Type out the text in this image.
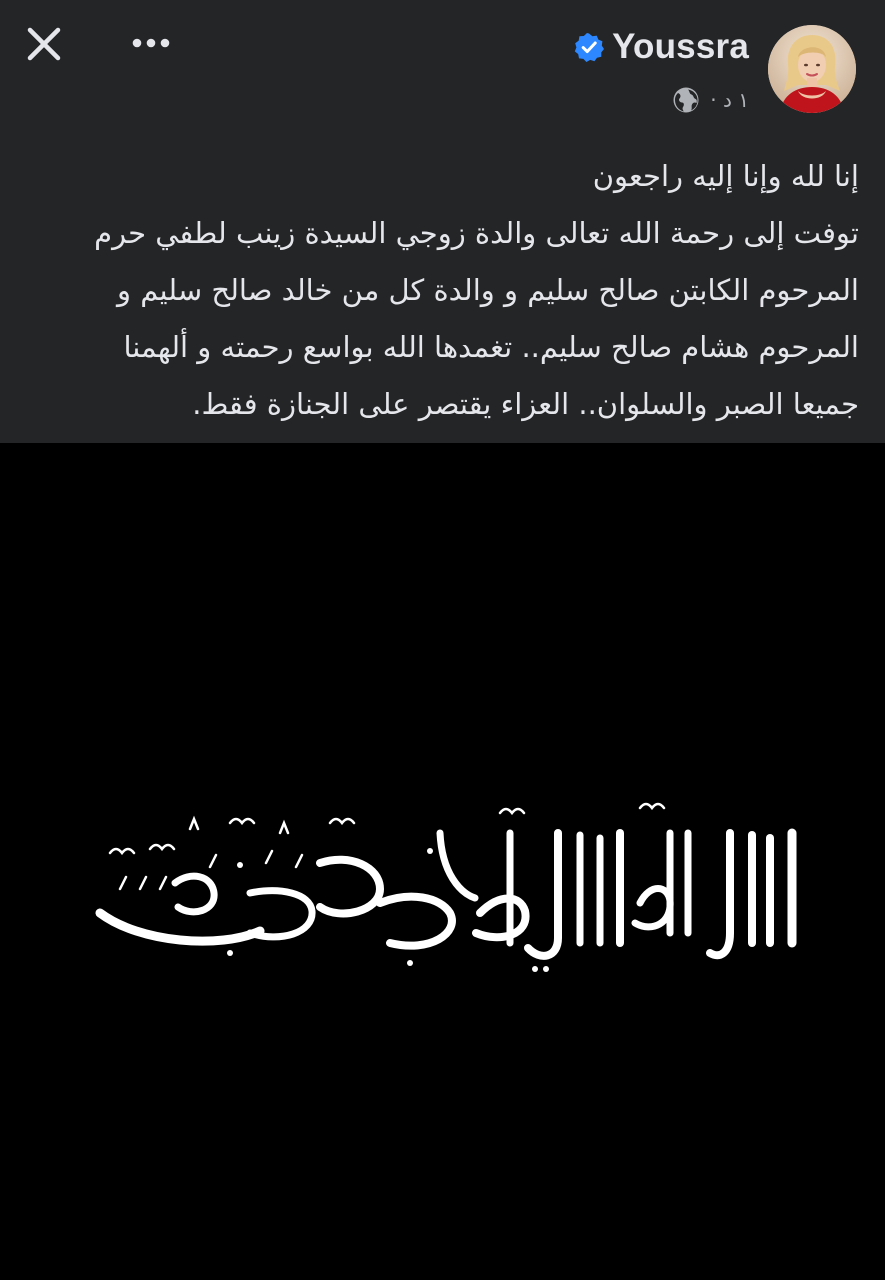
Youssra
١ د ·
إنا لله وإنا إليه راجعون
توفت إلى رحمة الله تعالى والدة زوجي السيدة زينب لطفي حرم المرحوم الكابتن صالح سليم و والدة كل من خالد صالح سليم و المرحوم هشام صالح سليم.. تغمدها الله بواسع رحمته و ألهمنا جميعا الصبر والسلوان.. العزاء يقتصر على الجنازة فقط.
